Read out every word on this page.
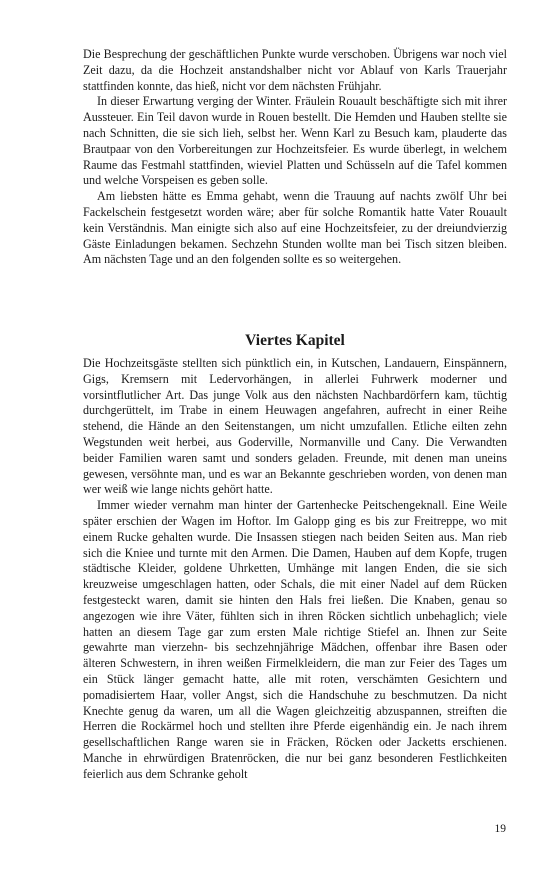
Die Besprechung der geschäftlichen Punkte wurde verschoben. Übrigens war noch viel Zeit dazu, da die Hochzeit anstandshalber nicht vor Ablauf von Karls Trauerjahr stattfinden konnte, das hieß, nicht vor dem nächsten Frühjahr.

In dieser Erwartung verging der Winter. Fräulein Rouault beschäftigte sich mit ihrer Aussteuer. Ein Teil davon wurde in Rouen bestellt. Die Hemden und Hauben stellte sie nach Schnitten, die sie sich lieh, selbst her. Wenn Karl zu Besuch kam, plauderte das Brautpaar von den Vorbereitungen zur Hochzeitsfeier. Es wurde überlegt, in welchem Raume das Festmahl stattfinden, wieviel Platten und Schüsseln auf die Tafel kommen und welche Vorspeisen es geben solle.

Am liebsten hätte es Emma gehabt, wenn die Trauung auf nachts zwölf Uhr bei Fackelschein festgesetzt worden wäre; aber für solche Romantik hatte Vater Rouault kein Verständnis. Man einigte sich also auf eine Hochzeitsfeier, zu der dreiundvierzig Gäste Einladungen bekamen. Sechzehn Stunden wollte man bei Tisch sitzen bleiben. Am nächsten Tage und an den folgenden sollte es so weitergehen.

Viertes Kapitel

Die Hochzeitsgäste stellten sich pünktlich ein, in Kutschen, Landauern, Einspännern, Gigs, Kremsern mit Ledervorhängen, in allerlei Fuhrwerk moderner und vorsintflutlicher Art. Das junge Volk aus den nächsten Nachbardörfern kam, tüchtig durchgerüttelt, im Trabe in einem Heuwagen angefahren, aufrecht in einer Reihe stehend, die Hände an den Seitenstangen, um nicht umzufallen. Etliche eilten zehn Wegstunden weit herbei, aus Goderville, Normanville und Cany. Die Verwandten beider Familien waren samt und sonders geladen. Freunde, mit denen man uneins gewesen, versöhnte man, und es war an Bekannte geschrieben worden, von denen man wer weiß wie lange nichts gehört hatte.

Immer wieder vernahm man hinter der Gartenhecke Peitschengeknall. Eine Weile später erschien der Wagen im Hoftor. Im Galopp ging es bis zur Freitreppe, wo mit einem Rucke gehalten wurde. Die Insassen stiegen nach beiden Seiten aus. Man rieb sich die Kniee und turnte mit den Armen. Die Damen, Hauben auf dem Kopfe, trugen städtische Kleider, goldene Uhrketten, Umhänge mit langen Enden, die sie sich kreuzweise umgeschlagen hatten, oder Schals, die mit einer Nadel auf dem Rücken festgesteckt waren, damit sie hinten den Hals frei ließen. Die Knaben, genau so angezogen wie ihre Väter, fühlten sich in ihren Röcken sichtlich unbehaglich; viele hatten an diesem Tage gar zum ersten Male richtige Stiefel an. Ihnen zur Seite gewahrte man vierzehn- bis sechzehnjährige Mädchen, offenbar ihre Basen oder älteren Schwestern, in ihren weißen Firmelkleidern, die man zur Feier des Tages um ein Stück länger gemacht hatte, alle mit roten, verschämten Gesichtern und pomadisiertem Haar, voller Angst, sich die Handschuhe zu beschmutzen. Da nicht Knechte genug da waren, um all die Wagen gleichzeitig abzuspannen, streiften die Herren die Rockärmel hoch und stellten ihre Pferde eigenhändig ein. Je nach ihrem gesellschaftlichen Range waren sie in Fräcken, Röcken oder Jacketts erschienen. Manche in ehrwürdigen Bratenröcken, die nur bei ganz besonderen Festlichkeiten feierlich aus dem Schranke geholt

19
